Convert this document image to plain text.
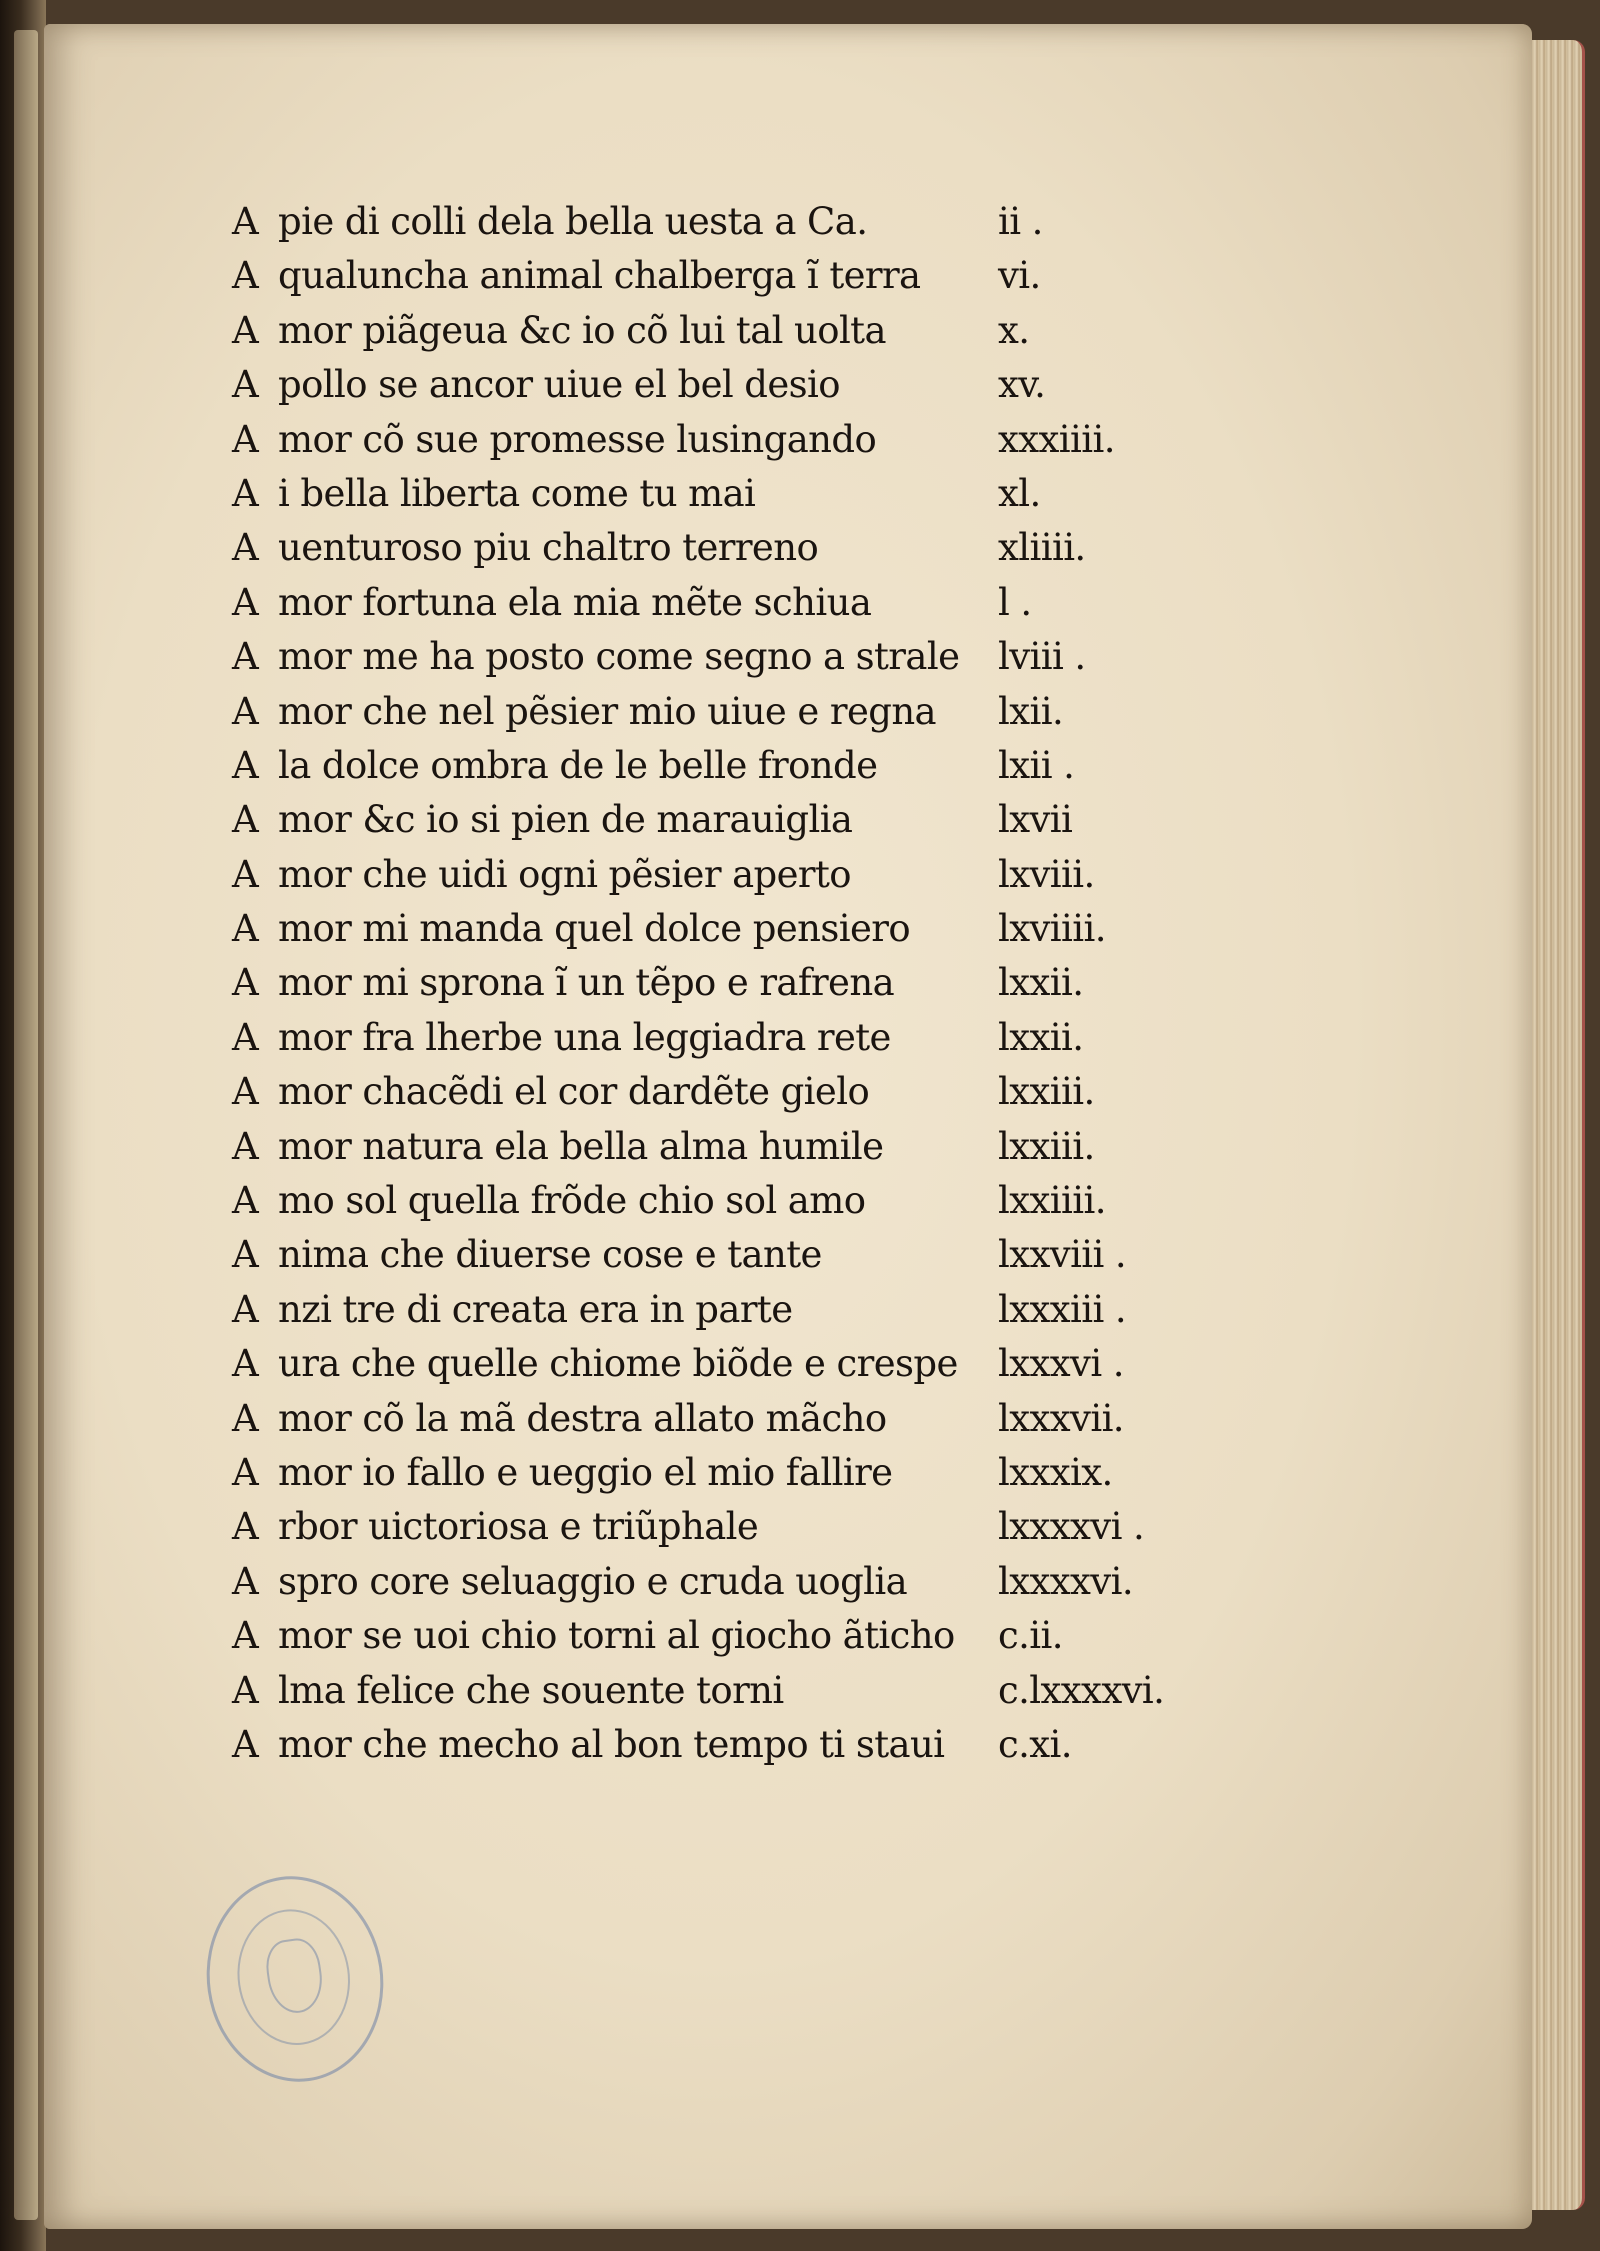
A pie di colli dela bella uesta a Ca.	ii .
A qualuncha animal chalberga ĩ terra	vi.
A mor piãgeua &c io cõ lui tal uolta	x.
A pollo se ancor uiue el bel desio	xv.
A mor cõ sue promesse lusingando	xxxiiii.
A i bella liberta come tu mai	xl.
A uenturoso piu chaltro terreno	xliiii.
A mor fortuna ela mia mẽte schiua	l .
A mor me ha posto come segno a strale	lviii .
A mor che nel pẽsier mio uiue e regna	lxii.
A la dolce ombra de le belle fronde	lxii .
A mor &c io si pien de marauiglia	lxvii
A mor che uidi ogni pẽsier aperto	lxviii.
A mor mi manda quel dolce pensiero	lxviiii.
A mor mi sprona ĩ un tẽpo e rafrena	lxxii.
A mor fra lherbe una leggiadra rete	lxxii.
A mor chacẽdi el cor dardẽte gielo	lxxiii.
A mor natura ela bella alma humile	lxxiii.
A mo sol quella frõde chio sol amo	lxxiiii.
A nima che diuerse cose e tante	lxxviii .
A nzi tre di creata era in parte	lxxxiii .
A ura che quelle chiome biõde e crespe	lxxxvi .
A mor cõ la mã destra allato mãcho	lxxxvii.
A mor io fallo e ueggio el mio fallire	lxxxix.
A rbor uictoriosa e triũphale	lxxxxvi .
A spro core seluaggio e cruda uoglia	lxxxxvi.
A mor se uoi chio torni al giocho ãticho	c.ii.
A lma felice che souente torni	c.lxxxxvi.
A mor che mecho al bon tempo ti staui	c.xi.
